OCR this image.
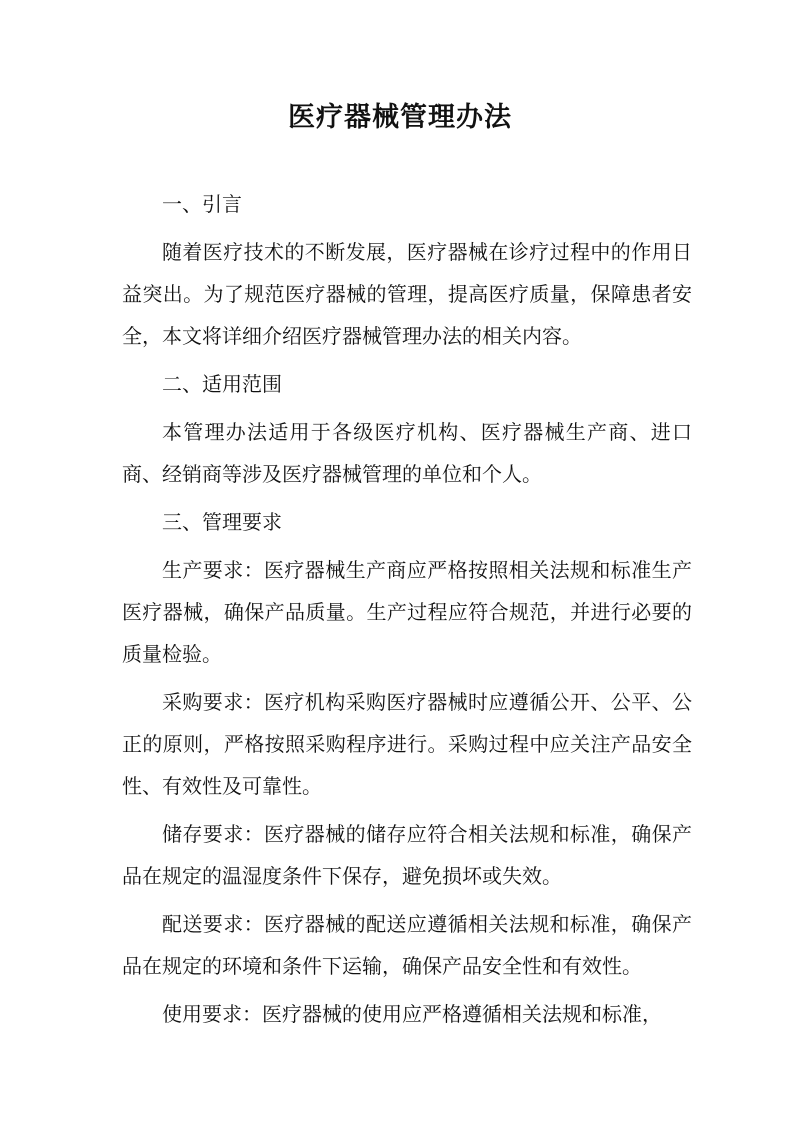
医疗器械管理办法

一、引言

随着医疗技术的不断发展，医疗器械在诊疗过程中的作用日益突出。为了规范医疗器械的管理，提高医疗质量，保障患者安全，本文将详细介绍医疗器械管理办法的相关内容。

二、适用范围

本管理办法适用于各级医疗机构、医疗器械生产商、进口商、经销商等涉及医疗器械管理的单位和个人。

三、管理要求

生产要求：医疗器械生产商应严格按照相关法规和标准生产医疗器械，确保产品质量。生产过程应符合规范，并进行必要的质量检验。

采购要求：医疗机构采购医疗器械时应遵循公开、公平、公正的原则，严格按照采购程序进行。采购过程中应关注产品安全性、有效性及可靠性。

储存要求：医疗器械的储存应符合相关法规和标准，确保产品在规定的温湿度条件下保存，避免损坏或失效。

配送要求：医疗器械的配送应遵循相关法规和标准，确保产品在规定的环境和条件下运输，确保产品安全性和有效性。

使用要求：医疗器械的使用应严格遵循相关法规和标准，
